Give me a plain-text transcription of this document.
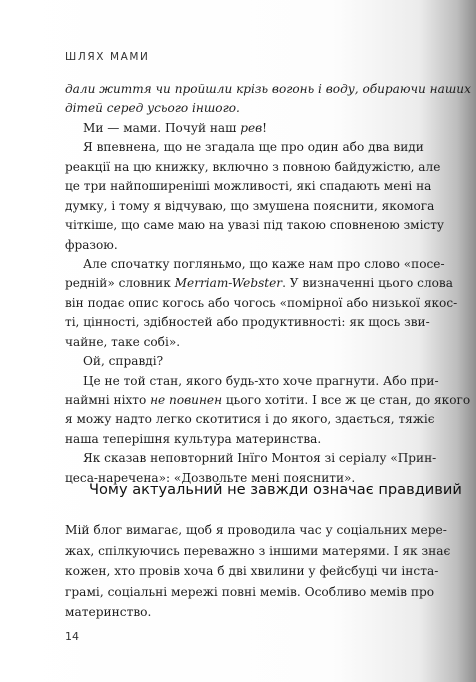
ШЛЯХ МАМИ
дали життя чи пройшли крізь вогонь і воду, обираючи наших
дітей серед усього іншого.
Ми — мами. Почуй наш рев!
Я впевнена, що не згадала ще про один або два види
реакції на цю книжку, включно з повною байдужістю, але
це три найпоширеніші можливості, які спадають мені на
думку, і тому я відчуваю, що змушена пояснити, якомога
чіткіше, що саме маю на увазі під такою сповненою змісту
фразою.
Але спочатку погляньмо, що каже нам про слово «посе-
редній» словник Merriam-Webster. У визначенні цього слова
він подає опис когось або чогось «помірної або низької якос-
ті, цінності, здібностей або продуктивності: як щось зви-
чайне, таке собі».
Ой, справді?
Це не той стан, якого будь-хто хоче прагнути. Або при-
наймні ніхто не повинен цього хотіти. І все ж це стан, до якого
я можу надто легко скотитися і до якого, здається, тяжіє
наша теперішня культура материнства.
Як сказав неповторний Iнїго Монтоя зі серіалу «Прин-
цеса-наречена»: «Дозвольте мені пояснити».
Чому актуальний не завжди означає правдивий
Мій блог вимагає, щоб я проводила час у соціальних мере-
жах, спілкуючись переважно з іншими матерями. І як знає
кожен, хто провів хоча б дві хвилини у фейсбуці чи інста-
грамі, соціальні мережі повні мемів. Особливо мемів про
материнство.
14
